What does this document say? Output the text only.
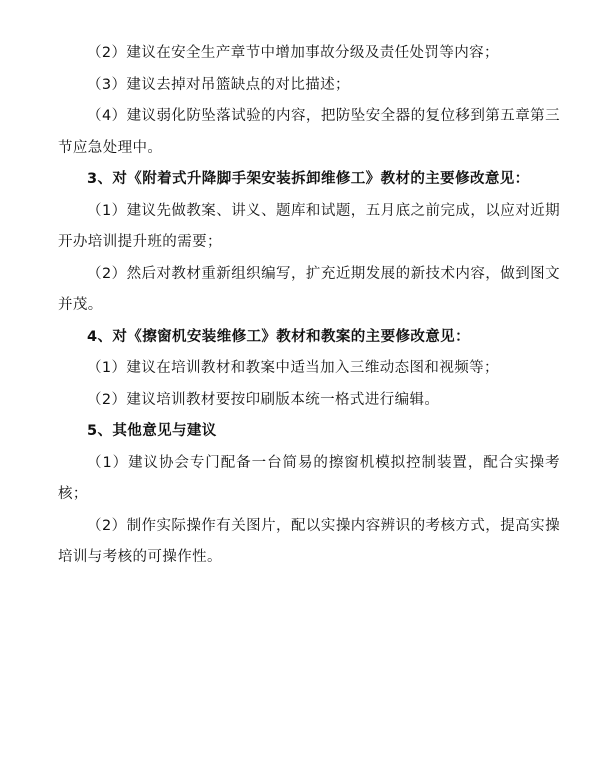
（2）建议在安全生产章节中增加事故分级及责任处罚等内容；

（3）建议去掉对吊篮缺点的对比描述；

（4）建议弱化防坠落试验的内容，把防坠安全器的复位移到第五章第三节应急处理中。

3、对《附着式升降脚手架安装拆卸维修工》教材的主要修改意见：

（1）建议先做教案、讲义、题库和试题，五月底之前完成，以应对近期开办培训提升班的需要；

（2）然后对教材重新组织编写，扩充近期发展的新技术内容，做到图文并茂。

4、对《擦窗机安装维修工》教材和教案的主要修改意见：

（1）建议在培训教材和教案中适当加入三维动态图和视频等；

（2）建议培训教材要按印刷版本统一格式进行编辑。

5、其他意见与建议

（1）建议协会专门配备一台简易的擦窗机模拟控制装置，配合实操考核；

（2）制作实际操作有关图片，配以实操内容辨识的考核方式，提高实操培训与考核的可操作性。
